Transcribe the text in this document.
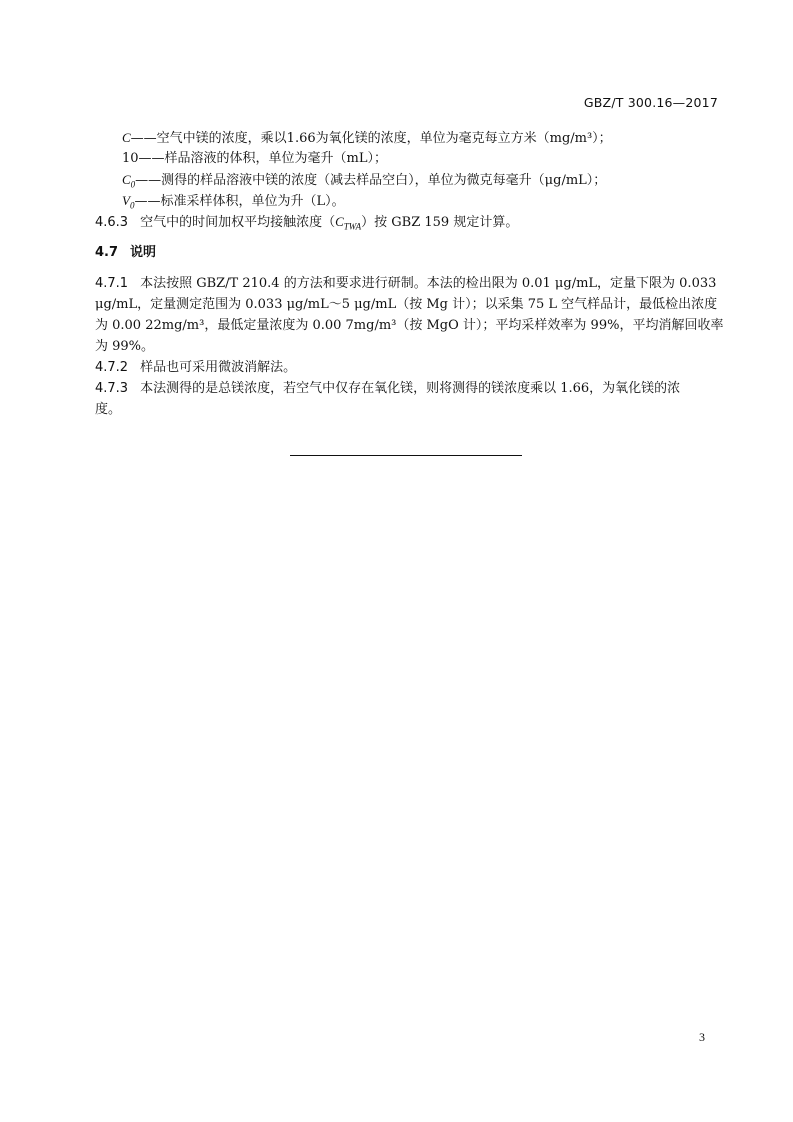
GBZ/T 300.16—2017
C——空气中镁的浓度，乘以1.66为氧化镁的浓度，单位为毫克每立方米（mg/m³）；
10——样品溶液的体积，单位为毫升（mL）；
$C_0——$测得的样品溶液中镁的浓度（减去样品空白），单位为微克每毫升（μg/mL）；
$V_0——$标准采样体积，单位为升（L）。
4.6.3 空气中的时间加权平均接触浓度$(C_{TWA})$按 GBZ 159 规定计算。
4.7 说明
4.7.1 本法按照 GBZ/T 210.4 的方法和要求进行研制。本法的检出限为 0.01 μg/mL，定量下限为 0.033
μg/mL，定量测定范围为 0.033 μg/mL～5 μg/mL（按 Mg 计）；以采集 75 L 空气样品计，最低检出浓度
为 0.00 22mg/m³，最低定量浓度为 0.00 7mg/m³（按 MgO 计）；平均采样效率为 99%，平均消解回收率
为 99%。
4.7.2 样品也可采用微波消解法。
4.7.3 本法测得的是总镁浓度，若空气中仅存在氧化镁，则将测得的镁浓度乘以 1.66，为氧化镁的浓
度。
3
